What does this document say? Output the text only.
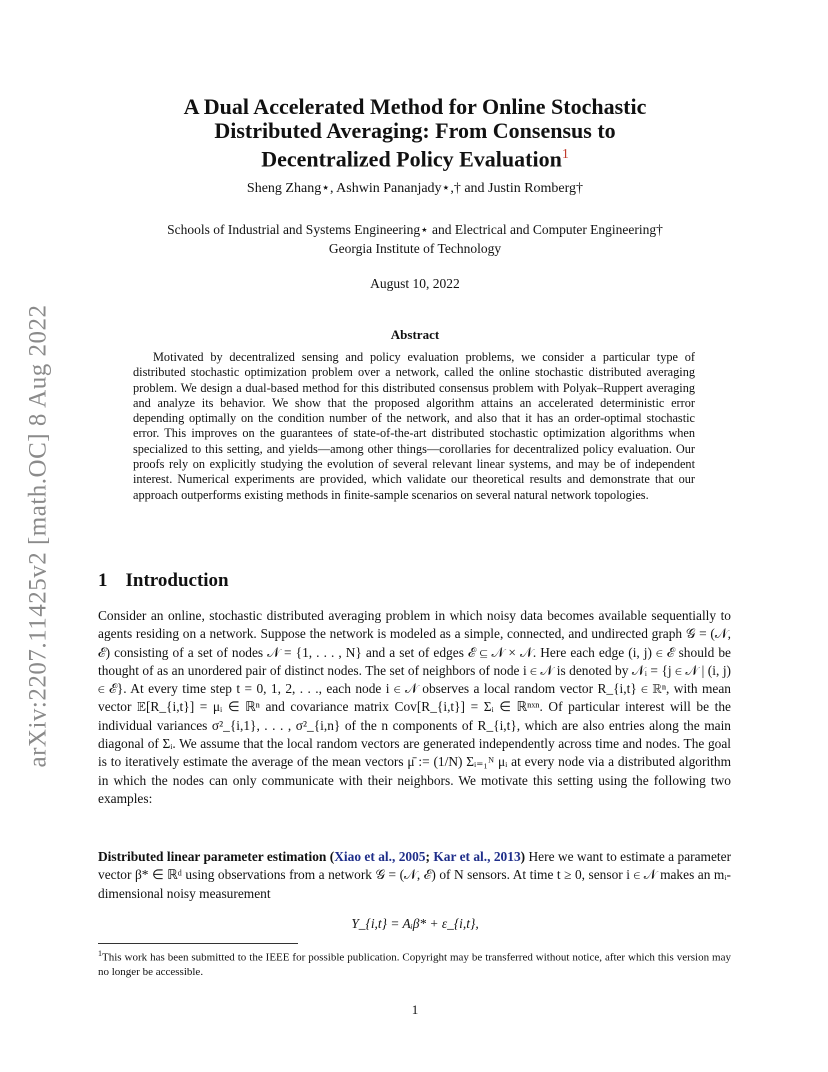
arXiv:2207.11425v2 [math.OC] 8 Aug 2022
A Dual Accelerated Method for Online Stochastic
Distributed Averaging: From Consensus to
Decentralized Policy Evaluation$^1$
Sheng Zhang⋆, Ashwin Pananjady⋆,† and Justin Romberg†
Schools of Industrial and Systems Engineering⋆ and Electrical and Computer Engineering†
Georgia Institute of Technology
August 10, 2022
Abstract
Motivated by decentralized sensing and policy evaluation problems, we consider a particular type of distributed stochastic optimization problem over a network, called the online stochastic distributed averaging problem. We design a dual-based method for this distributed consensus problem with Polyak–Ruppert averaging and analyze its behavior. We show that the proposed algorithm attains an accelerated deterministic error depending optimally on the condition number of the network, and also that it has an order-optimal stochastic error. This improves on the guarantees of state-of-the-art distributed stochastic optimization algorithms when specialized to this setting, and yields—among other things—corollaries for decentralized policy evaluation. Our proofs rely on explicitly studying the evolution of several relevant linear systems, and may be of independent interest. Numerical experiments are provided, which validate our theoretical results and demonstrate that our approach outperforms existing methods in finite-sample scenarios on several natural network topologies.
1 Introduction
Consider an online, stochastic distributed averaging problem in which noisy data becomes available sequentially to agents residing on a network. Suppose the network is modeled as a simple, connected, and undirected graph 𝒢 = (𝒩, ℰ) consisting of a set of nodes 𝒩 = {1, . . . , N} and a set of edges ℰ ⊆ 𝒩 × 𝒩. Here each edge (i, j) ∈ ℰ should be thought of as an unordered pair of distinct nodes. The set of neighbors of node i ∈ 𝒩 is denoted by 𝒩ᵢ = {j ∈ 𝒩 | (i, j) ∈ ℰ}. At every time step t = 0, 1, 2, . . ., each node i ∈ 𝒩 observes a local random vector R_{i,t} ∈ ℝⁿ, with mean vector 𝔼[R_{i,t}] = μᵢ ∈ ℝⁿ and covariance matrix Cov[R_{i,t}] = Σᵢ ∈ ℝⁿˣⁿ. Of particular interest will be the individual variances σ²_{i,1}, . . . , σ²_{i,n} of the n components of R_{i,t}, which are also entries along the main diagonal of Σᵢ. We assume that the local random vectors are generated independently across time and nodes. The goal is to iteratively estimate the average of the mean vectors μ̄ := (1/N) Σᵢ₌₁ᴺ μᵢ at every node via a distributed algorithm in which the nodes can only communicate with their neighbors. We motivate this setting using the following two examples:
Distributed linear parameter estimation (Xiao et al., 2005; Kar et al., 2013) Here we want to estimate a parameter vector β* ∈ ℝᵈ using observations from a network 𝒢 = (𝒩, ℰ) of N sensors. At time t ≥ 0, sensor i ∈ 𝒩 makes an mᵢ-dimensional noisy measurement
Y_{i,t} = Aᵢβ* + ε_{i,t},
$^1$This work has been submitted to the IEEE for possible publication. Copyright may be transferred without notice, after which this version may no longer be accessible.
1
